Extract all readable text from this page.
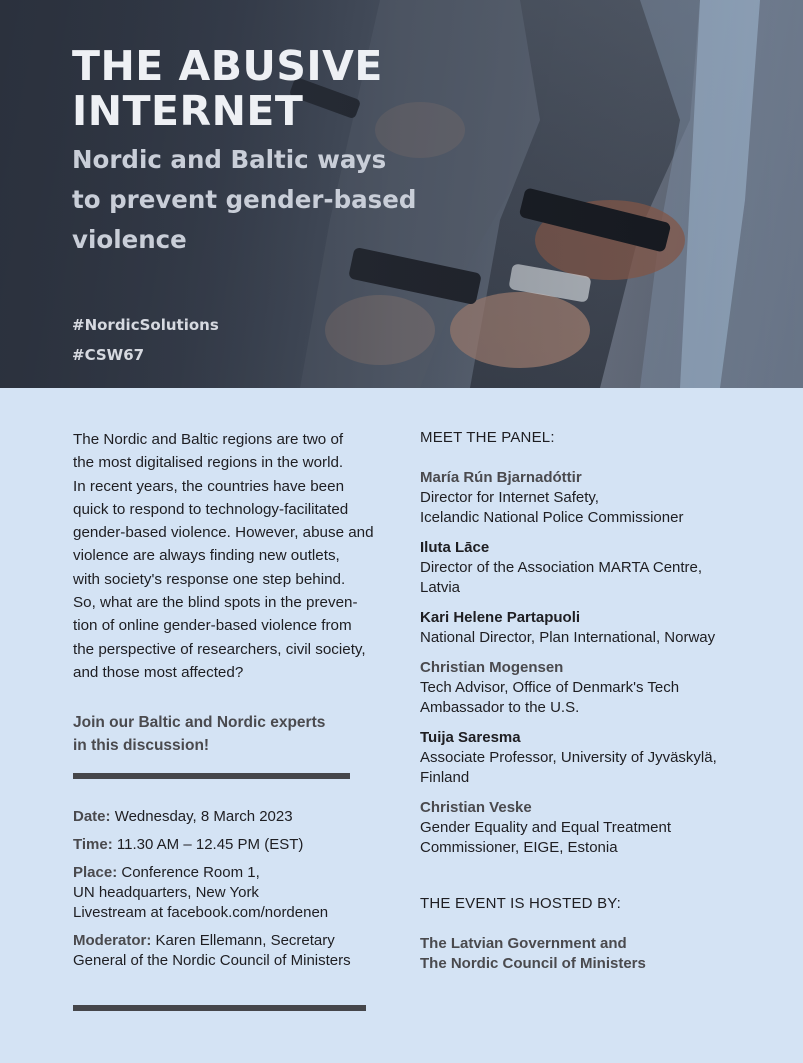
THE ABUSIVE
INTERNET
Nordic and Baltic ways
to prevent gender-based
violence
#NordicSolutions
#CSW67
The Nordic and Baltic regions are two of
the most digitalised regions in the world.
In recent years, the countries have been
quick to respond to technology-facilitated
gender-based violence. However, abuse and
violence are always finding new outlets,
with society's response one step behind.
So, what are the blind spots in the preven-
tion of online gender-based violence from
the perspective of researchers, civil society,
and those most affected?
Join our Baltic and Nordic experts
in this discussion!
Date: Wednesday, 8 March 2023
Time: 11.30 AM – 12.45 PM (EST)
Place: Conference Room 1,
UN headquarters, New York
Livestream at facebook.com/nordenen
Moderator: Karen Ellemann, Secretary
General of the Nordic Council of Ministers
MEET THE PANEL:
María Rún Bjarnadóttir
Director for Internet Safety,
Icelandic National Police Commissioner
Iluta Lāce
Director of the Association MARTA Centre,
Latvia
Kari Helene Partapuoli
National Director, Plan International, Norway
Christian Mogensen
Tech Advisor, Office of Denmark's Tech
Ambassador to the U.S.
Tuija Saresma
Associate Professor, University of Jyväskylä,
Finland
Christian Veske
Gender Equality and Equal Treatment
Commissioner, EIGE, Estonia
THE EVENT IS HOSTED BY:
The Latvian Government and
The Nordic Council of Ministers
